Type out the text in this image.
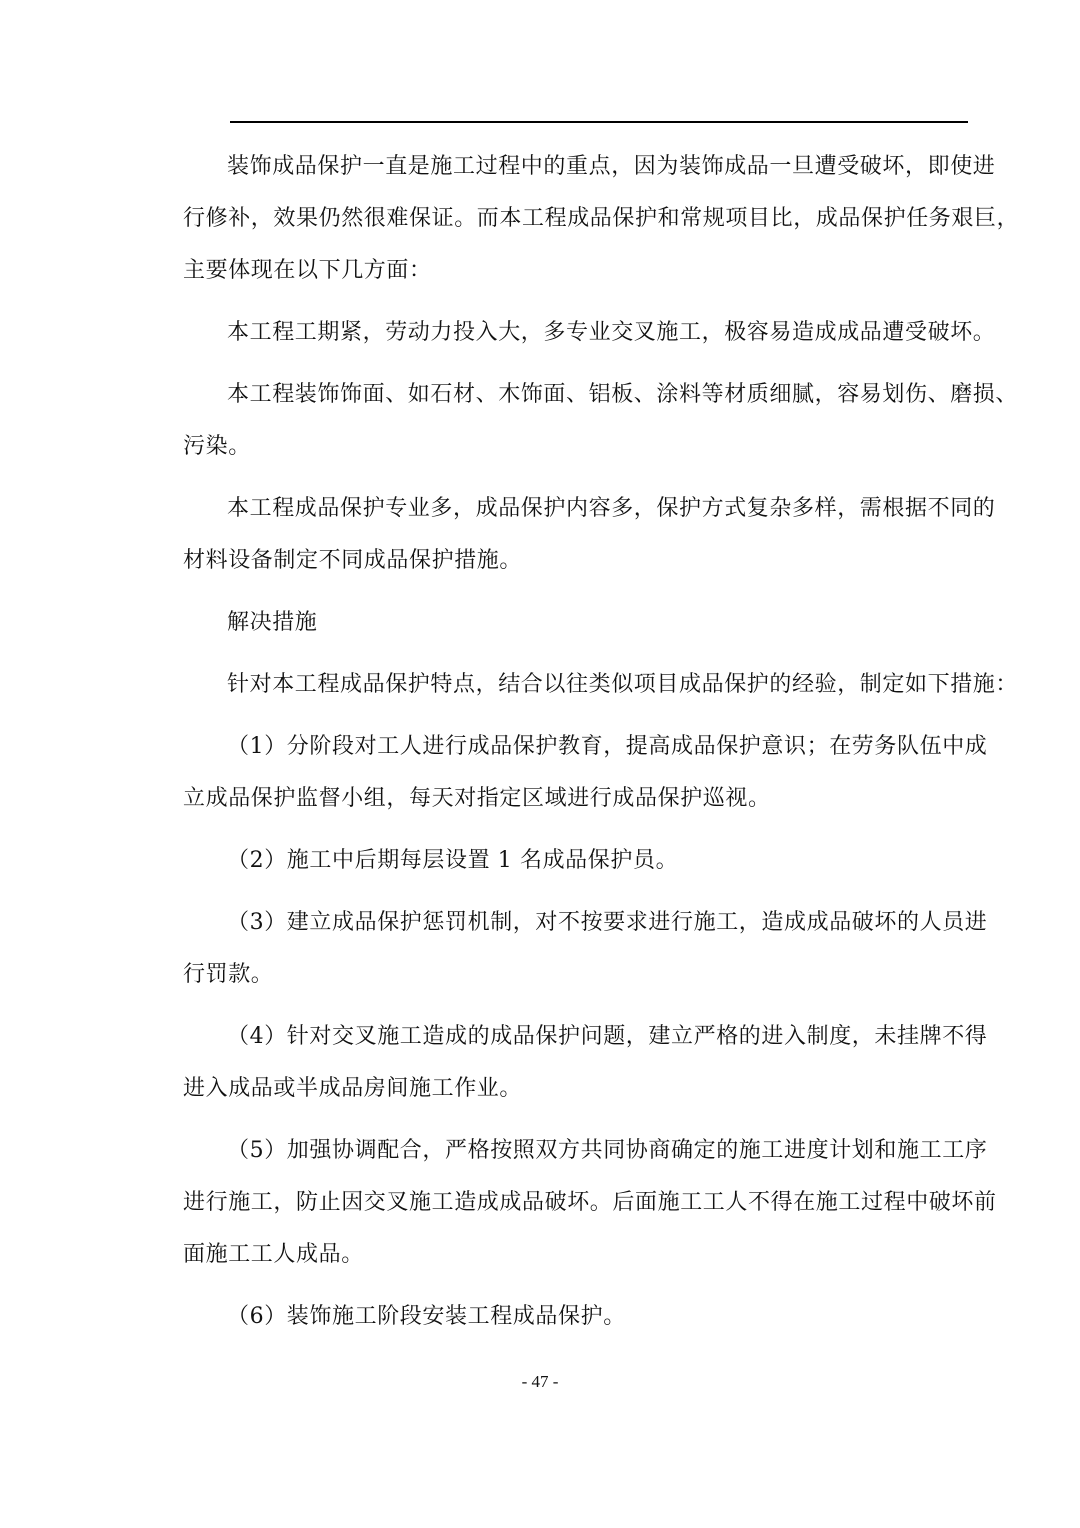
装饰成品保护一直是施工过程中的重点，因为装饰成品一旦遭受破坏，即使进
行修补，效果仍然很难保证。而本工程成品保护和常规项目比，成品保护任务艰巨，
主要体现在以下几方面：

本工程工期紧，劳动力投入大，多专业交叉施工，极容易造成成品遭受破坏。

本工程装饰饰面、如石材、木饰面、铝板、涂料等材质细腻，容易划伤、磨损、
污染。

本工程成品保护专业多，成品保护内容多，保护方式复杂多样，需根据不同的
材料设备制定不同成品保护措施。

解决措施

针对本工程成品保护特点，结合以往类似项目成品保护的经验，制定如下措施：

（1）分阶段对工人进行成品保护教育，提高成品保护意识；在劳务队伍中成
立成品保护监督小组，每天对指定区域进行成品保护巡视。

（2）施工中后期每层设置 1 名成品保护员。

（3）建立成品保护惩罚机制，对不按要求进行施工，造成成品破坏的人员进
行罚款。

（4）针对交叉施工造成的成品保护问题，建立严格的进入制度，未挂牌不得
进入成品或半成品房间施工作业。

（5）加强协调配合，严格按照双方共同协商确定的施工进度计划和施工工序
进行施工，防止因交叉施工造成成品破坏。后面施工工人不得在施工过程中破坏前
面施工工人成品。

（6）装饰施工阶段安装工程成品保护。

- 47 -
